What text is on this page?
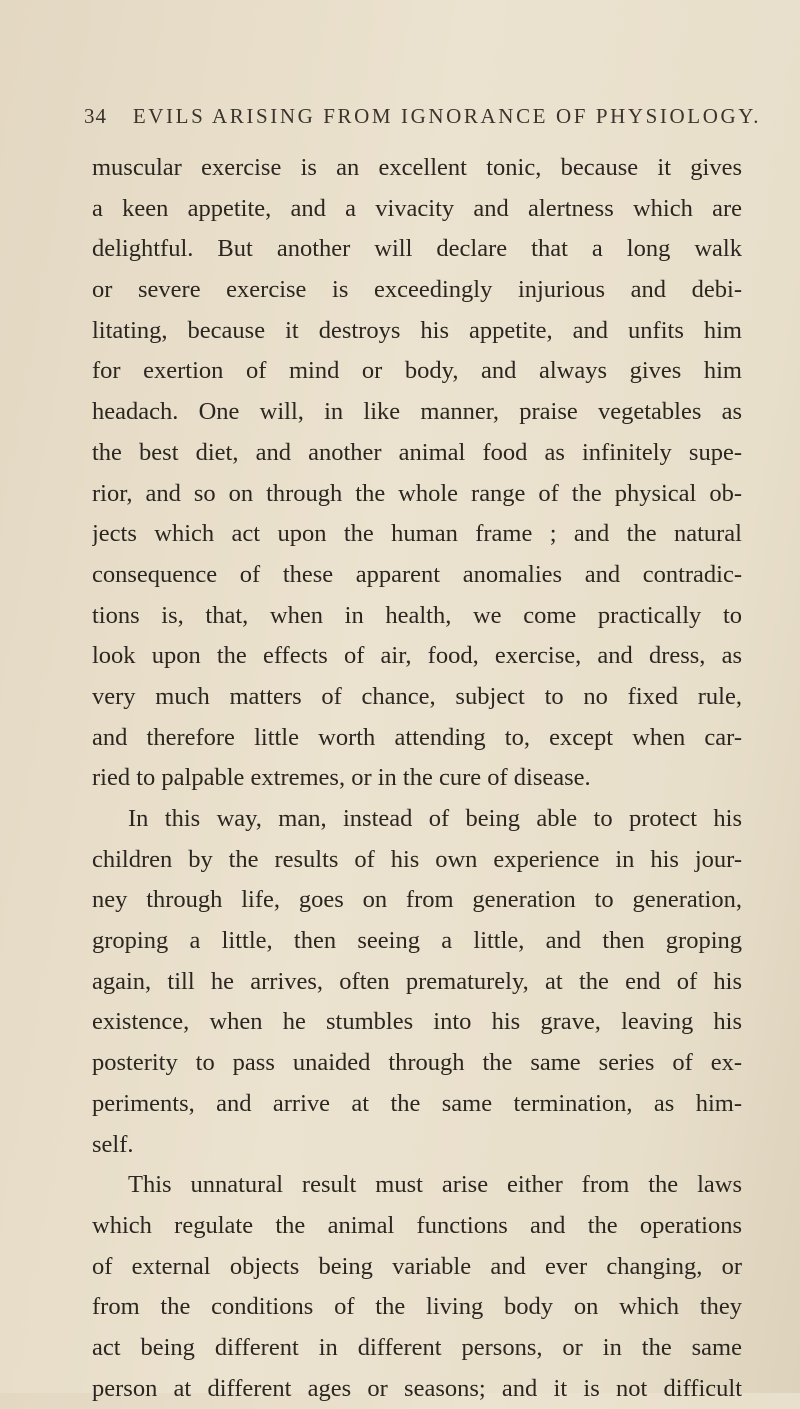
34 EVILS ARISING FROM IGNORANCE OF PHYSIOLOGY.
muscular exercise is an excellent tonic, because it gives
a keen appetite, and a vivacity and alertness which are
delightful. But another will declare that a long walk
or severe exercise is exceedingly injurious and debi-
litating, because it destroys his appetite, and unfits him
for exertion of mind or body, and always gives him
headach. One will, in like manner, praise vegetables as
the best diet, and another animal food as infinitely supe-
rior, and so on through the whole range of the physical ob-
jects which act upon the human frame ; and the natural
consequence of these apparent anomalies and contradic-
tions is, that, when in health, we come practically to
look upon the effects of air, food, exercise, and dress, as
very much matters of chance, subject to no fixed rule,
and therefore little worth attending to, except when car-
ried to palpable extremes, or in the cure of disease.
In this way, man, instead of being able to protect his
children by the results of his own experience in his jour-
ney through life, goes on from generation to generation,
groping a little, then seeing a little, and then groping
again, till he arrives, often prematurely, at the end of his
existence, when he stumbles into his grave, leaving his
posterity to pass unaided through the same series of ex-
periments, and arrive at the same termination, as him-
self.
This unnatural result must arise either from the laws
which regulate the animal functions and the operations
of external objects being variable and ever changing, or
from the conditions of the living body on which they
act being different in different persons, or in the same
person at different ages or seasons; and it is not difficult
